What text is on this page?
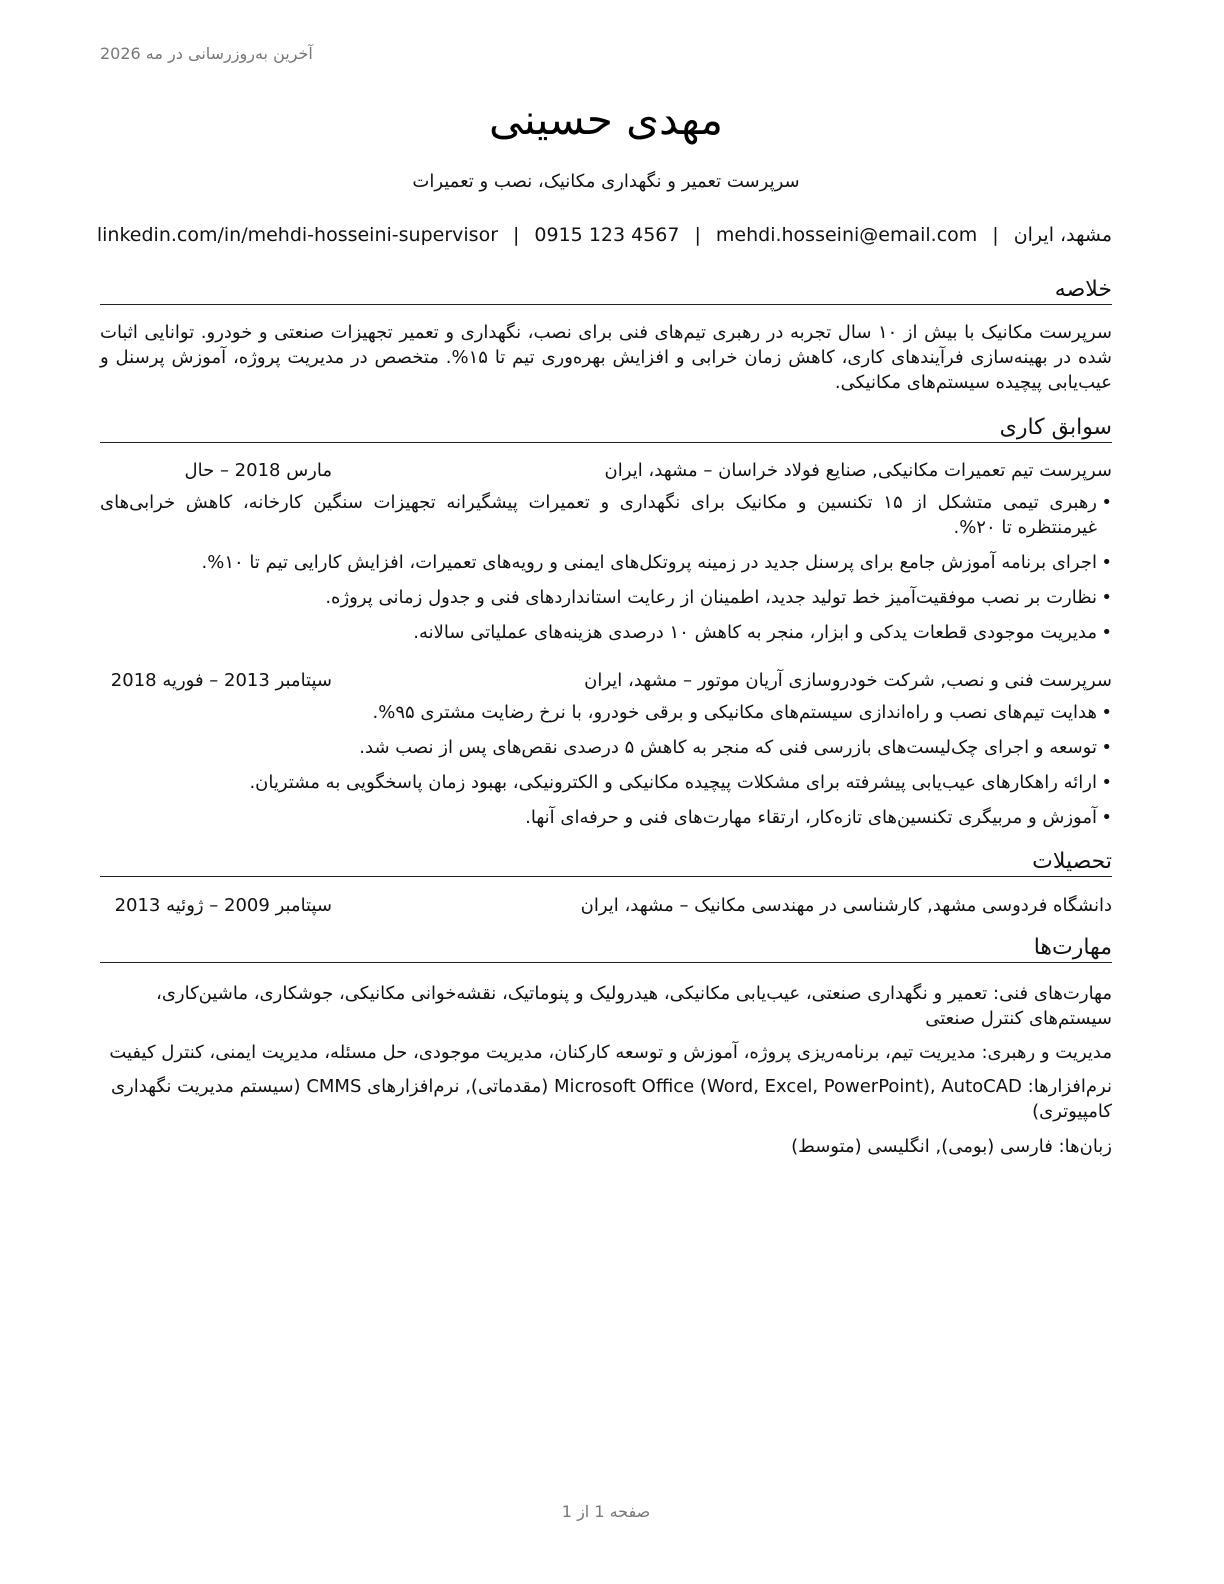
آخرین به‌روزرسانی در مه 2026
مهدی حسینی
سرپرست تعمیر و نگهداری مکانیک، نصب و تعمیرات
مشهد، ایران|mehdi.hosseini@email.com|0915 123 4567|linkedin.com/in/mehdi-hosseini-supervisor
خلاصه
سرپرست مکانیک با بیش از ۱۰ سال تجربه در رهبری تیم‌های فنی برای نصب، نگهداری و تعمیر تجهیزات صنعتی و خودرو. توانایی اثبات شده در بهینه‌سازی فرآیندهای کاری، کاهش زمان خرابی و افزایش بهره‌وری تیم تا ۱۵%. متخصص در مدیریت پروژه، آموزش پرسنل و عیب‌یابی پیچیده سیستم‌های مکانیکی.
سوابق کاری
سرپرست تیم تعمیرات مکانیکی, صنایع فولاد خراسان – مشهد، ایران
مارس 2018 – حال
• رهبری تیمی متشکل از ۱۵ تکنسین و مکانیک برای نگهداری و تعمیرات پیشگیرانه تجهیزات سنگین کارخانه، کاهش خرابی‌های غیرمنتظره تا ۲۰%.
• اجرای برنامه آموزش جامع برای پرسنل جدید در زمینه پروتکل‌های ایمنی و رویه‌های تعمیرات، افزایش کارایی تیم تا ۱۰%.
• نظارت بر نصب موفقیت‌آمیز خط تولید جدید، اطمینان از رعایت استانداردهای فنی و جدول زمانی پروژه.
• مدیریت موجودی قطعات یدکی و ابزار، منجر به کاهش ۱۰ درصدی هزینه‌های عملیاتی سالانه.
سرپرست فنی و نصب, شرکت خودروسازی آریان موتور – مشهد، ایران
سپتامبر 2013 – فوریه 2018
• هدایت تیم‌های نصب و راه‌اندازی سیستم‌های مکانیکی و برقی خودرو، با نرخ رضایت مشتری ۹۵%.
• توسعه و اجرای چک‌لیست‌های بازرسی فنی که منجر به کاهش ۵ درصدی نقص‌های پس از نصب شد.
• ارائه راهکارهای عیب‌یابی پیشرفته برای مشکلات پیچیده مکانیکی و الکترونیکی، بهبود زمان پاسخگویی به مشتریان.
• آموزش و مربیگری تکنسین‌های تازه‌کار، ارتقاء مهارت‌های فنی و حرفه‌ای آنها.
تحصیلات
دانشگاه فردوسی مشهد, کارشناسی در مهندسی مکانیک – مشهد، ایران
سپتامبر 2009 – ژوئیه 2013
مهارت‌ها
مهارت‌های فنی: تعمیر و نگهداری صنعتی، عیب‌یابی مکانیکی، هیدرولیک و پنوماتیک، نقشه‌خوانی مکانیکی، جوشکاری، ماشین‌کاری، سیستم‌های کنترل صنعتی
مدیریت و رهبری: مدیریت تیم، برنامه‌ریزی پروژه، آموزش و توسعه کارکنان، مدیریت موجودی، حل مسئله، مدیریت ایمنی، کنترل کیفیت
نرم‌افزارها: Microsoft Office (Word, Excel, PowerPoint), AutoCAD (مقدماتی), نرم‌افزارهای CMMS (سیستم مدیریت نگهداری کامپیوتری)
زبان‌ها: فارسی (بومی), انگلیسی (متوسط)
صفحه 1 از 1
